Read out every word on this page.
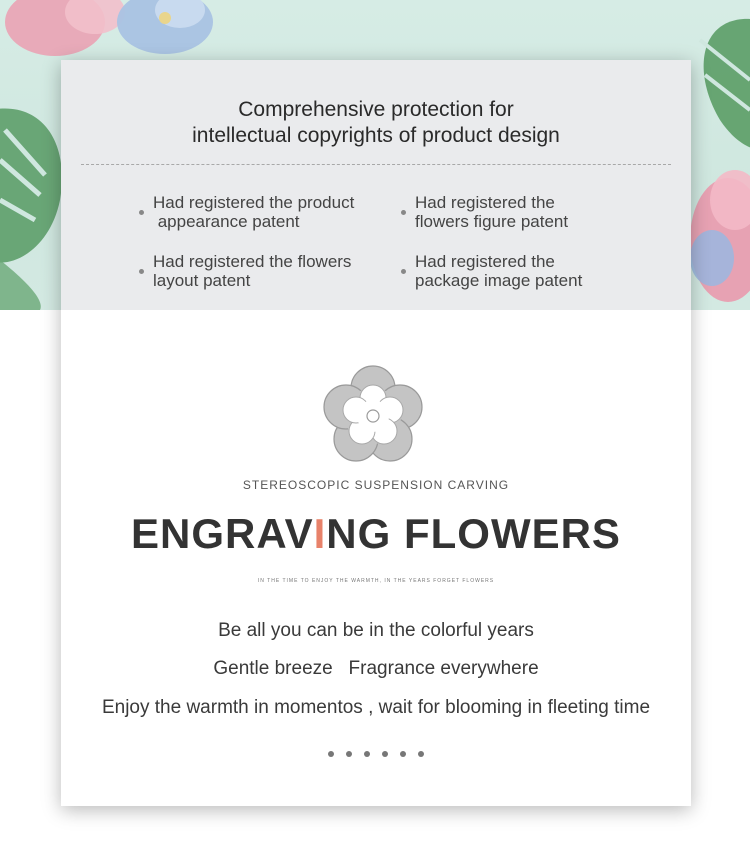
Comprehensive protection for
intellectual copyrights of product design
Had registered the product
appearance patent
Had registered the
flowers figure patent
Had registered the flowers
layout patent
Had registered the
package image patent
STEREOSCOPIC SUSPENSION CARVING
ENGRAVING FLOWERS
IN THE TIME TO ENJOY THE WARMTH, IN THE YEARS FORGET FLOWERS
Be all you can be in the colorful years
Gentle breeze   Fragrance everywhere
Enjoy the warmth in momentos , wait for blooming in fleeting time
